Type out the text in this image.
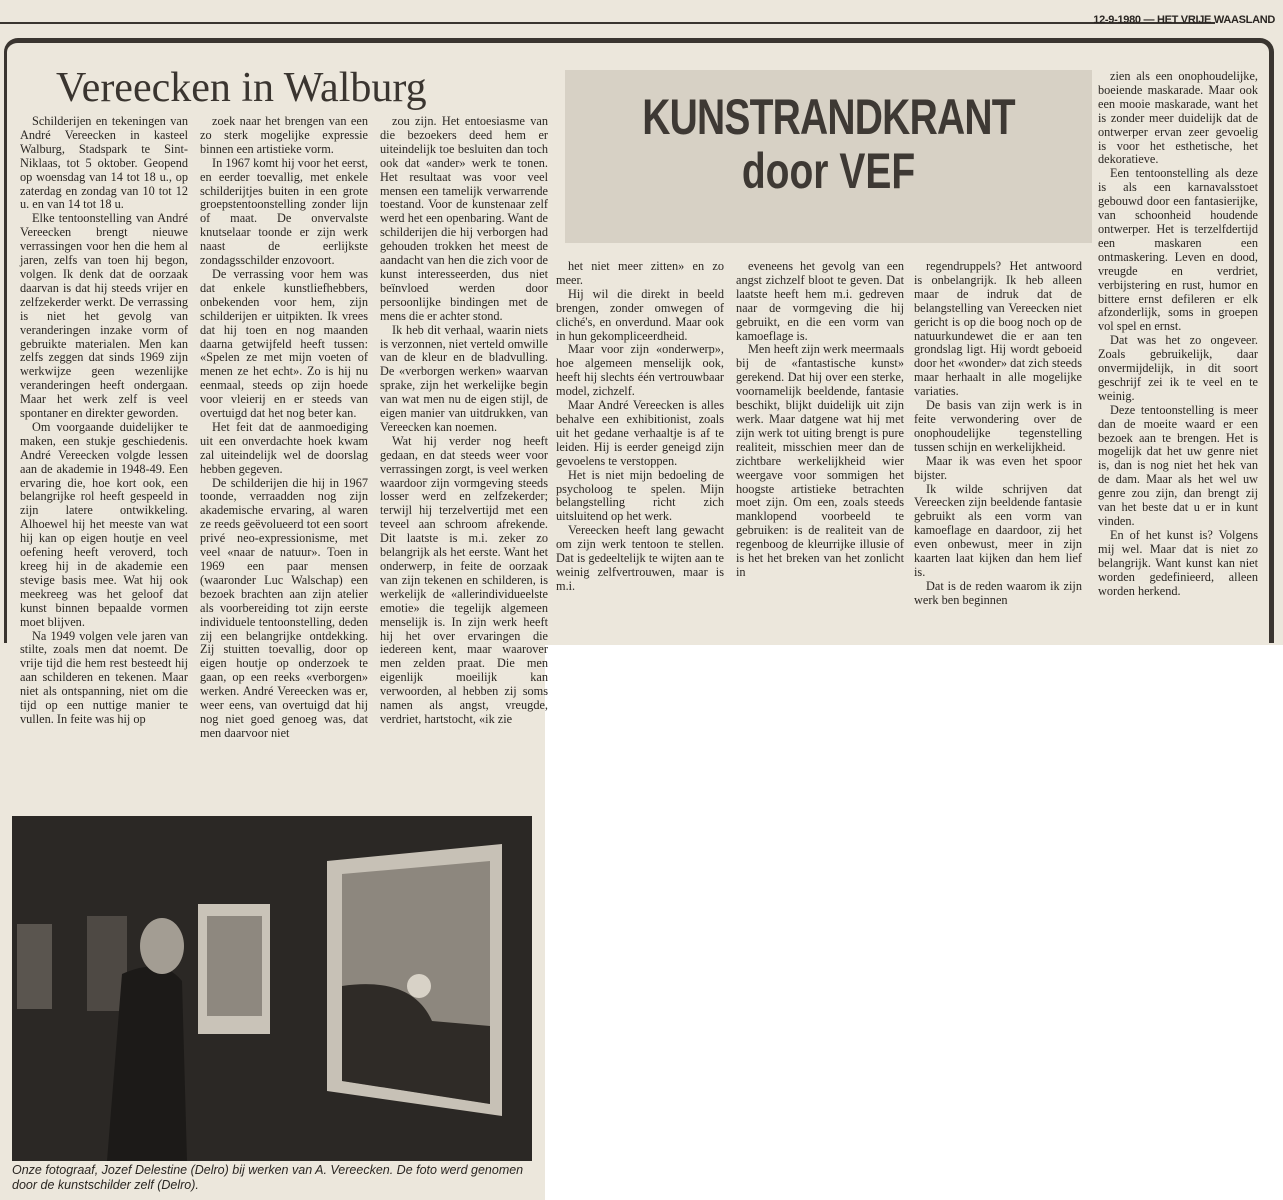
12-9-1980 — HET VRIJE WAASLAND
Vereecken in Walburg
KUNSTRANDKRANT
door VEF

Schilderijen en tekeningen van André Vereecken in kasteel Walburg, Stadspark te Sint-Niklaas, tot 5 oktober. Geopend op woensdag van 14 tot 18 u., op zaterdag en zondag van 10 tot 12 u. en van 14 tot 18 u.

Elke tentoonstelling van André Vereecken brengt nieuwe verrassingen voor hen die hem al jaren, zelfs van toen hij begon, volgen. Ik denk dat de oorzaak daarvan is dat hij steeds vrijer en zelfzekerder werkt. De verrassing is niet het gevolg van veranderingen inzake vorm of gebruikte materialen. Men kan zelfs zeggen dat sinds 1969 zijn werkwijze geen wezenlijke veranderingen heeft ondergaan. Maar het werk zelf is veel spontaner en direkter geworden.

Om voorgaande duidelijker te maken, een stukje geschiedenis. André Vereecken volgde lessen aan de akademie in 1948-49. Een ervaring die, hoe kort ook, een belangrijke rol heeft gespeeld in zijn latere ontwikkeling. Alhoewel hij het meeste van wat hij kan op eigen houtje en veel oefening heeft veroverd, toch kreeg hij in de akademie een stevige basis mee. Wat hij ook meekreeg was het geloof dat kunst binnen bepaalde vormen moet blijven.

Na 1949 volgen vele jaren van stilte, zoals men dat noemt. De vrije tijd die hem rest besteedt hij aan schilderen en tekenen. Maar niet als ontspanning, niet om die tijd op een nuttige manier te vullen. In feite was hij op

zoek naar het brengen van een zo sterk mogelijke expressie binnen een artistieke vorm.

In 1967 komt hij voor het eerst, en eerder toevallig, met enkele schilderijtjes buiten in een grote groepstentoonstelling zonder lijn of maat. De onvervalste knutselaar toonde er zijn werk naast de eerlijkste zondagsschilder enzovoort.

De verrassing voor hem was dat enkele kunstliefhebbers, onbekenden voor hem, zijn schilderijen er uitpikten. Ik vrees dat hij toen en nog maanden daarna getwijfeld heeft tussen: «Spelen ze met mijn voeten of menen ze het echt». Zo is hij nu eenmaal, steeds op zijn hoede voor vleierij en er steeds van overtuigd dat het nog beter kan.

Het feit dat de aanmoediging uit een onverdachte hoek kwam zal uiteindelijk wel de doorslag hebben gegeven.

De schilderijen die hij in 1967 toonde, verraadden nog zijn akademische ervaring, al waren ze reeds geëvolueerd tot een soort privé neo-expressionisme, met veel «naar de natuur». Toen in 1969 een paar mensen (waaronder Luc Walschap) een bezoek brachten aan zijn atelier als voorbereiding tot zijn eerste individuele tentoonstelling, deden zij een belangrijke ontdekking. Zij stuitten toevallig, door op eigen houtje op onderzoek te gaan, op een reeks «verborgen» werken. André Vereecken was er, weer eens, van overtuigd dat hij nog niet goed genoeg was, dat men daarvoor niet

zou zijn. Het entoesiasme van die bezoekers deed hem er uiteindelijk toe besluiten dan toch ook dat «ander» werk te tonen. Het resultaat was voor veel mensen een tamelijk verwarrende toestand. Voor de kunstenaar zelf werd het een openbaring. Want de schilderijen die hij verborgen had gehouden trokken het meest de aandacht van hen die zich voor de kunst interesseerden, dus niet beïnvloed werden door persoonlijke bindingen met de mens die er achter stond.

Ik heb dit verhaal, waarin niets is verzonnen, niet verteld omwille van de kleur en de bladvulling. De «verborgen werken» waarvan sprake, zijn het werkelijke begin van wat men nu de eigen stijl, de eigen manier van uitdrukken, van Vereecken kan noemen.

Wat hij verder nog heeft gedaan, en dat steeds weer voor verrassingen zorgt, is veel werken waardoor zijn vormgeving steeds losser werd en zelfzekerder; terwijl hij terzelvertijd met een teveel aan schroom afrekende. Dit laatste is m.i. zeker zo belangrijk als het eerste. Want het onderwerp, in feite de oorzaak van zijn tekenen en schilderen, is werkelijk de «allerindividueelste emotie» die tegelijk algemeen menselijk is. In zijn werk heeft hij het over ervaringen die iedereen kent, maar waarover men zelden praat. Die men eigenlijk moeilijk kan verwoorden, al hebben zij soms namen als angst, vreugde, verdriet, hartstocht, «ik zie

het niet meer zitten» en zo meer.

Hij wil die direkt in beeld brengen, zonder omwegen of cliché's, en onverdund. Maar ook in hun gekompliceerdheid.

Maar voor zijn «onderwerp», hoe algemeen menselijk ook, heeft hij slechts één vertrouwbaar model, zichzelf.

Maar André Vereecken is alles behalve een exhibitionist, zoals uit het gedane verhaaltje is af te leiden. Hij is eerder geneigd zijn gevoelens te verstoppen.

Het is niet mijn bedoeling de psycholoog te spelen. Mijn belangstelling richt zich uitsluitend op het werk.

Vereecken heeft lang gewacht om zijn werk tentoon te stellen. Dat is gedeeltelijk te wijten aan te weinig zelfvertrouwen, maar is m.i.

eveneens het gevolg van een angst zichzelf bloot te geven. Dat laatste heeft hem m.i. gedreven naar de vormgeving die hij gebruikt, en die een vorm van kamoeflage is.

Men heeft zijn werk meermaals bij de «fantastische kunst» gerekend. Dat hij over een sterke, voornamelijk beeldende, fantasie beschikt, blijkt duidelijk uit zijn werk. Maar datgene wat hij met zijn werk tot uiting brengt is pure realiteit, misschien meer dan de zichtbare werkelijkheid wier weergave voor sommigen het hoogste artistieke betrachten moet zijn. Om een, zoals steeds manklopend voorbeeld te gebruiken: is de realiteit van de regenboog de kleurrijke illusie of is het het breken van het zonlicht in

regendruppels? Het antwoord is onbelangrijk. Ik heb alleen maar de indruk dat de belangstelling van Vereecken niet gericht is op die boog noch op de natuurkundewet die er aan ten grondslag ligt. Hij wordt geboeid door het «wonder» dat zich steeds maar herhaalt in alle mogelijke variaties.

De basis van zijn werk is in feite verwondering over de onophoudelijke tegenstelling tussen schijn en werkelijkheid.

Maar ik was even het spoor bijster.

Ik wilde schrijven dat Vereecken zijn beeldende fantasie gebruikt als een vorm van kamoeflage en daardoor, zij het even onbewust, meer in zijn kaarten laat kijken dan hem lief is.

Dat is de reden waarom ik zijn werk ben beginnen

zien als een onophoudelijke, boeiende maskarade. Maar ook een mooie maskarade, want het is zonder meer duidelijk dat de ontwerper ervan zeer gevoelig is voor het esthetische, het dekoratieve.

Een tentoonstelling als deze is als een karnavalsstoet gebouwd door een fantasierijke, van schoonheid houdende ontwerper. Het is terzelfdertijd een maskaren een ontmaskering. Leven en dood, vreugde en verdriet, verbijstering en rust, humor en bittere ernst defileren er elk afzonderlijk, soms in groepen vol spel en ernst.

Dat was het zo ongeveer. Zoals gebruikelijk, daar onvermijdelijk, in dit soort geschrijf zei ik te veel en te weinig.

Deze tentoonstelling is meer dan de moeite waard er een bezoek aan te brengen. Het is mogelijk dat het uw genre niet is, dan is nog niet het hek van de dam. Maar als het wel uw genre zou zijn, dan brengt zij van het beste dat u er in kunt vinden.

En of het kunst is? Volgens mij wel. Maar dat is niet zo belangrijk. Want kunst kan niet worden gedefinieerd, alleen worden herkend.

Onze fotograaf, Jozef Delestine (Delro) bij werken van A. Vereecken. De foto werd genomen door de kunstschilder zelf (Delro).
